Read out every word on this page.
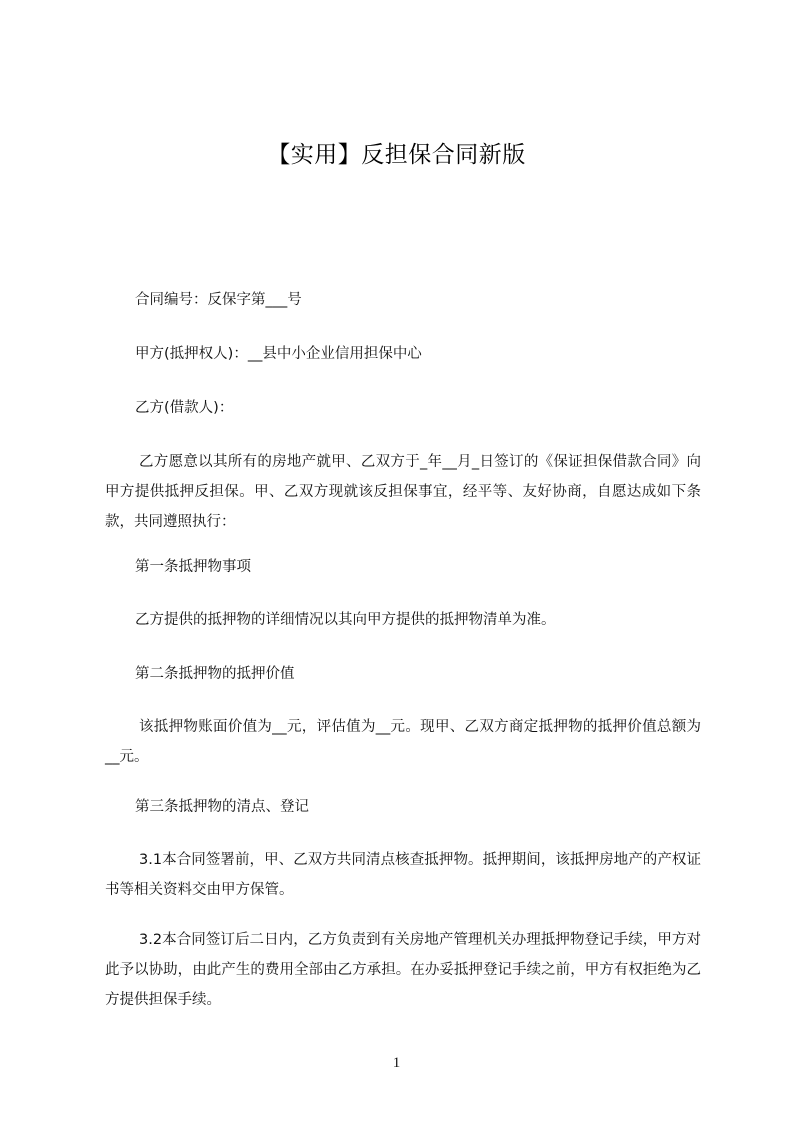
【实用】反担保合同新版

合同编号：反保字第___号

甲方(抵押权人)：__县中小企业信用担保中心

乙方(借款人)：

乙方愿意以其所有的房地产就甲、乙双方于_年__月_日签订的《保证担保借款合同》向甲方提供抵押反担保。甲、乙双方现就该反担保事宜，经平等、友好协商，自愿达成如下条款，共同遵照执行：

第一条抵押物事项

乙方提供的抵押物的详细情况以其向甲方提供的抵押物清单为准。

第二条抵押物的抵押价值

该抵押物账面价值为__元，评估值为__元。现甲、乙双方商定抵押物的抵押价值总额为__元。

第三条抵押物的清点、登记

3.1本合同签署前，甲、乙双方共同清点核查抵押物。抵押期间，该抵押房地产的产权证书等相关资料交由甲方保管。

3.2本合同签订后二日内，乙方负责到有关房地产管理机关办理抵押物登记手续，甲方对此予以协助，由此产生的费用全部由乙方承担。在办妥抵押登记手续之前，甲方有权拒绝为乙方提供担保手续。

1
